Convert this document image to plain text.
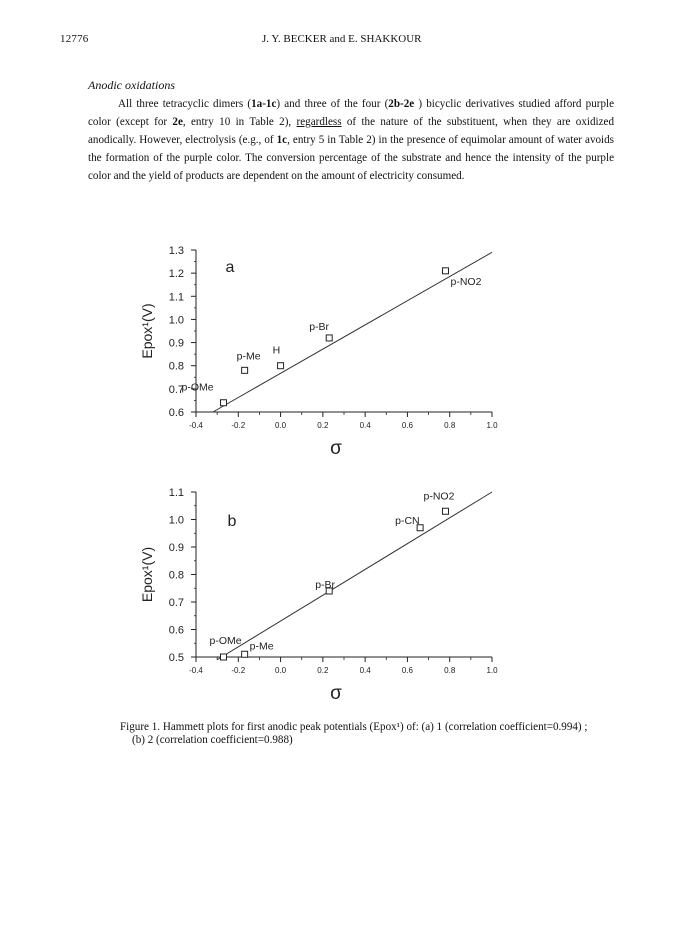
12776	J. Y. BECKER and E. SHAKKOUR
Anodic oxidations
All three tetracyclic dimers (1a-1c) and three of the four (2b-2e ) bicyclic derivatives studied afford purple color (except for 2e, entry 10 in Table 2), regardless of the nature of the substituent, when they are oxidized anodically. However, electrolysis (e.g., of 1c, entry 5 in Table 2) in the presence of equimolar amount of water avoids the formation of the purple color. The conversion percentage of the substrate and hence the intensity of the purple color and the yield of products are dependent on the amount of electricity consumed.
0.6
0.7
0.8
0.9
1.0
1.1
1.2
1.3
-0.4	-0.2	0.0	0.2	0.4	0.6	0.8	1.0
σ
Epox¹(V)
a
p-OMe
p-Me H
p-Br
p-NO2
0.5
0.6
0.7
0.8
0.9
1.0
1.1
-0.4	-0.2	0.0	0.2	0.4	0.6	0.8	1.0
σ
Epox¹(V)
b
p-OMe p-Me
p-Br
p-CN
p-NO2
Figure 1. Hammett plots for first anodic peak potentials (Epox¹) of: (a) 1 (correlation coefficient=0.994) ;
(b) 2 (correlation coefficient=0.988)
